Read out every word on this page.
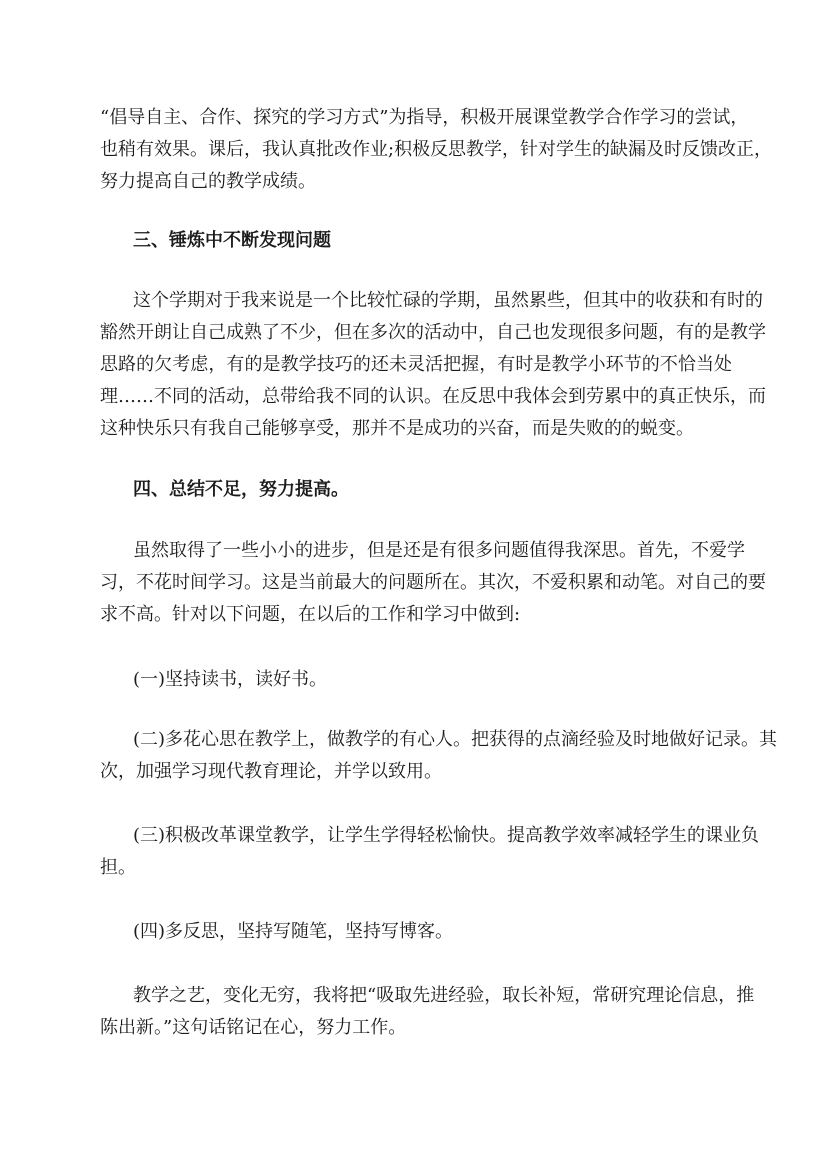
“倡导自主、合作、探究的学习方式”为指导，积极开展课堂教学合作学习的尝试，
也稍有效果。课后，我认真批改作业;积极反思教学，针对学生的缺漏及时反馈改正，
努力提高自己的教学成绩。
三、锤炼中不断发现问题
这个学期对于我来说是一个比较忙碌的学期，虽然累些，但其中的收获和有时的
豁然开朗让自己成熟了不少，但在多次的活动中，自己也发现很多问题，有的是教学
思路的欠考虑，有的是教学技巧的还未灵活把握，有时是教学小环节的不恰当处
理……不同的活动，总带给我不同的认识。在反思中我体会到劳累中的真正快乐，而
这种快乐只有我自己能够享受，那并不是成功的兴奋，而是失败的的蜕变。
四、总结不足，努力提高。
虽然取得了一些小小的进步，但是还是有很多问题值得我深思。首先，不爱学
习，不花时间学习。这是当前最大的问题所在。其次，不爱积累和动笔。对自己的要
求不高。针对以下问题，在以后的工作和学习中做到:
(一)坚持读书，读好书。
(二)多花心思在教学上，做教学的有心人。把获得的点滴经验及时地做好记录。其
次，加强学习现代教育理论，并学以致用。
(三)积极改革课堂教学，让学生学得轻松愉快。提高教学效率减轻学生的课业负
担。
(四)多反思，坚持写随笔，坚持写博客。
教学之艺，变化无穷，我将把“吸取先进经验，取长补短，常研究理论信息，推
陈出新。”这句话铭记在心，努力工作。
